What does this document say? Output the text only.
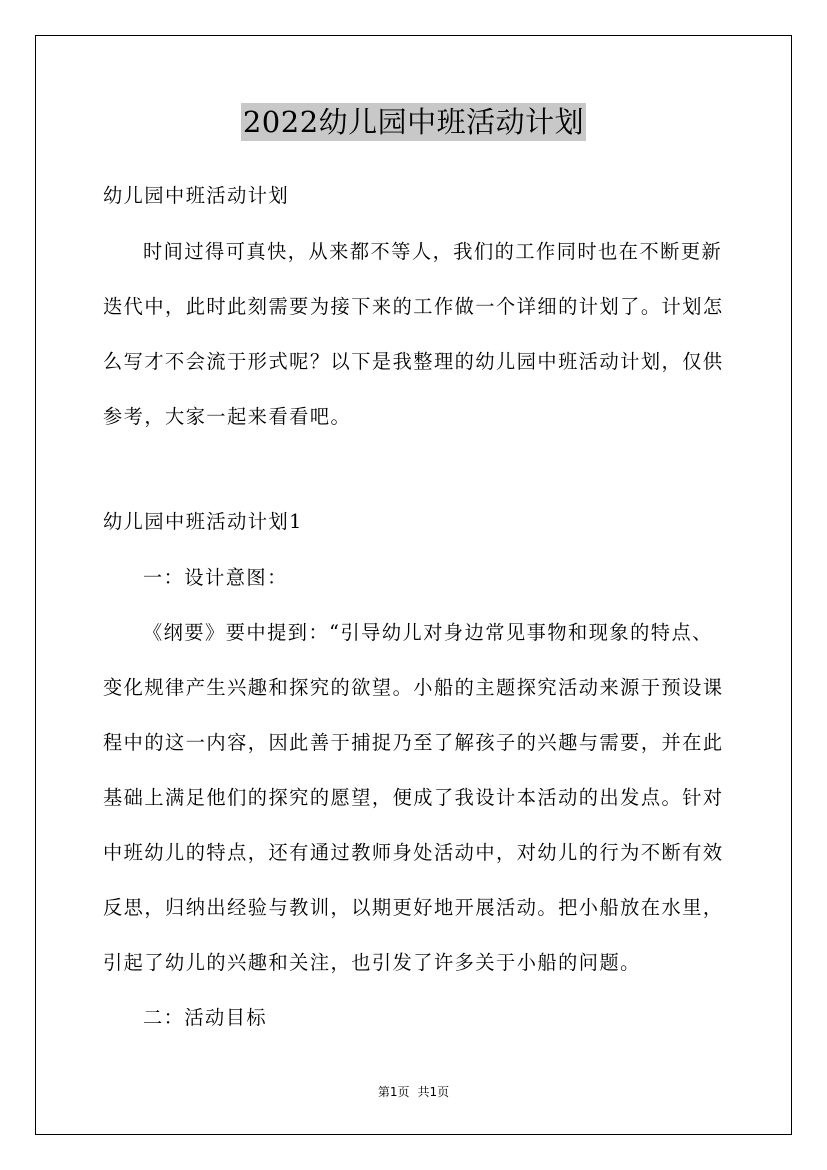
2022幼儿园中班活动计划
幼儿园中班活动计划
时间过得可真快，从来都不等人，我们的工作同时也在不断更新
迭代中，此时此刻需要为接下来的工作做一个详细的计划了。计划怎
么写才不会流于形式呢？以下是我整理的幼儿园中班活动计划，仅供
参考，大家一起来看看吧。
幼儿园中班活动计划1
一：设计意图：
《纲要》要中提到：“引导幼儿对身边常见事物和现象的特点、
变化规律产生兴趣和探究的欲望。小船的主题探究活动来源于预设课
程中的这一内容，因此善于捕捉乃至了解孩子的兴趣与需要，并在此
基础上满足他们的探究的愿望，便成了我设计本活动的出发点。针对
中班幼儿的特点，还有通过教师身处活动中，对幼儿的行为不断有效
反思，归纳出经验与教训，以期更好地开展活动。把小船放在水里，
引起了幼儿的兴趣和关注，也引发了许多关于小船的问题。
二：活动目标
第1页 共1页
